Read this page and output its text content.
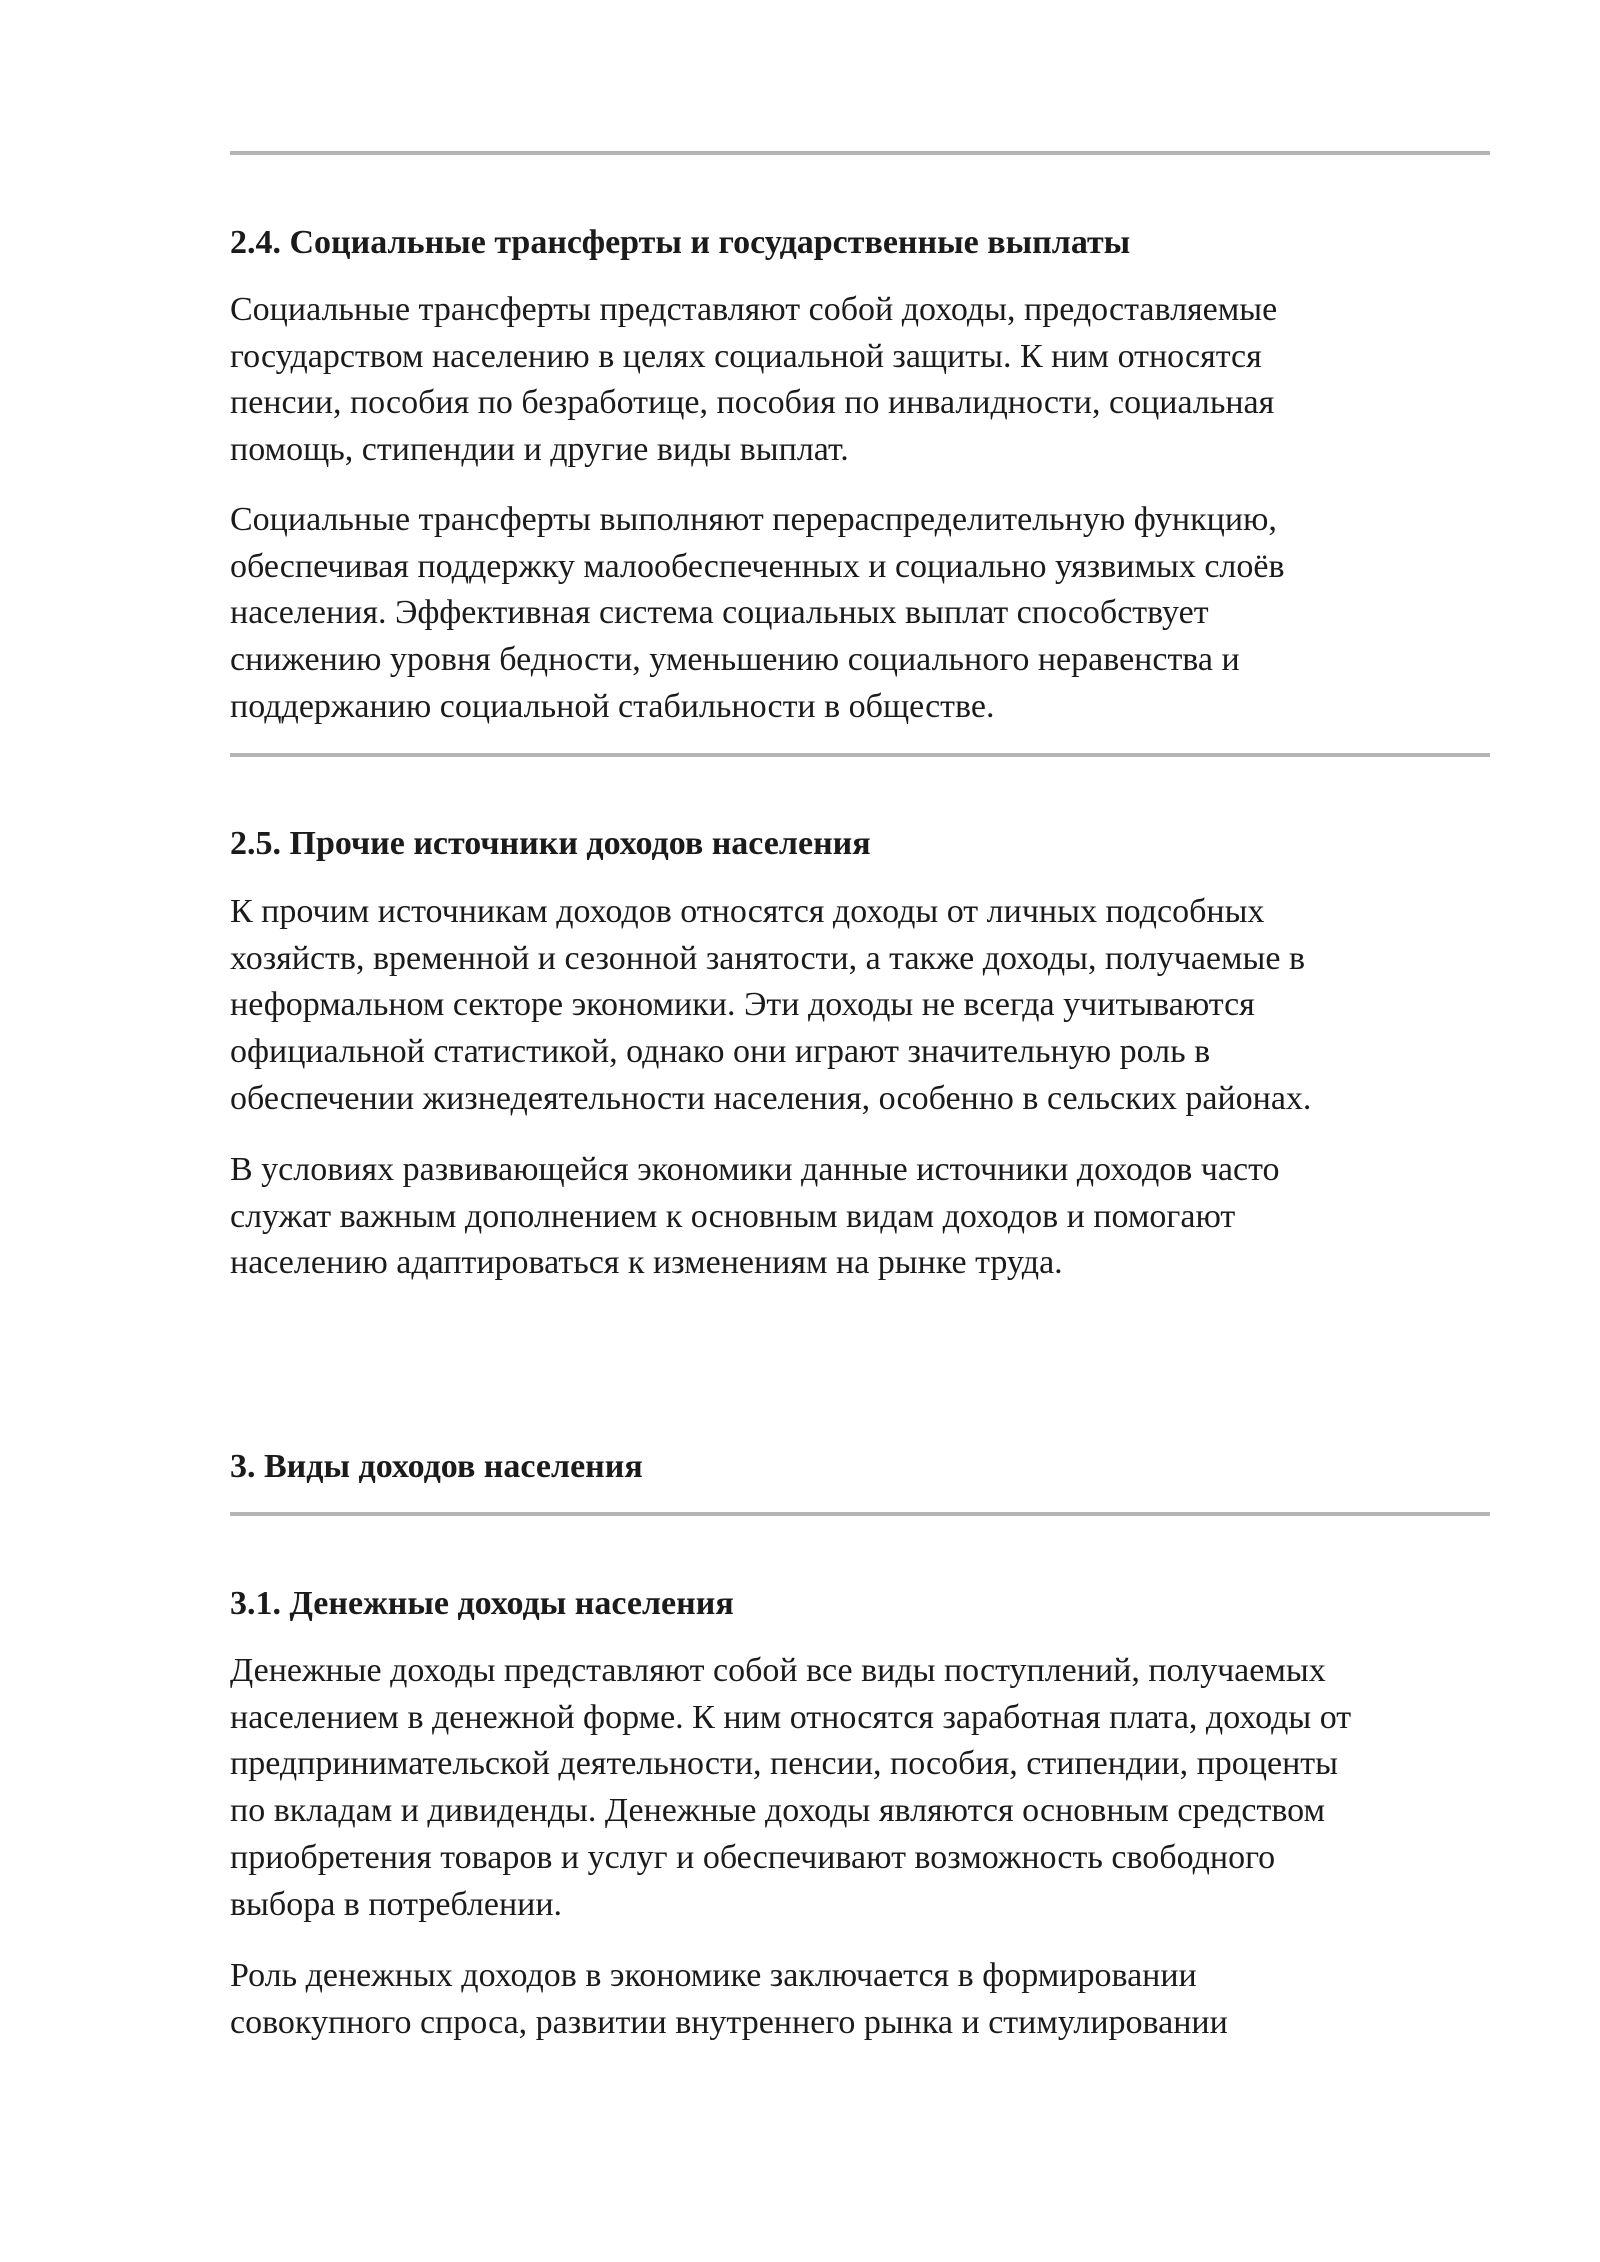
2.4. Социальные трансферты и государственные выплаты

Социальные трансферты представляют собой доходы, предоставляемые
государством населению в целях социальной защиты. К ним относятся
пенсии, пособия по безработице, пособия по инвалидности, социальная
помощь, стипендии и другие виды выплат.

Социальные трансферты выполняют перераспределительную функцию,
обеспечивая поддержку малообеспеченных и социально уязвимых слоёв
населения. Эффективная система социальных выплат способствует
снижению уровня бедности, уменьшению социального неравенства и
поддержанию социальной стабильности в обществе.

2.5. Прочие источники доходов населения

К прочим источникам доходов относятся доходы от личных подсобных
хозяйств, временной и сезонной занятости, а также доходы, получаемые в
неформальном секторе экономики. Эти доходы не всегда учитываются
официальной статистикой, однако они играют значительную роль в
обеспечении жизнедеятельности населения, особенно в сельских районах.

В условиях развивающейся экономики данные источники доходов часто
служат важным дополнением к основным видам доходов и помогают
населению адаптироваться к изменениям на рынке труда.

3. Виды доходов населения
3.1. Денежные доходы населения

Денежные доходы представляют собой все виды поступлений, получаемых
населением в денежной форме. К ним относятся заработная плата, доходы от
предпринимательской деятельности, пенсии, пособия, стипендии, проценты
по вкладам и дивиденды. Денежные доходы являются основным средством
приобретения товаров и услуг и обеспечивают возможность свободного
выбора в потреблении.

Роль денежных доходов в экономике заключается в формировании
совокупного спроса, развитии внутреннего рынка и стимулировании
